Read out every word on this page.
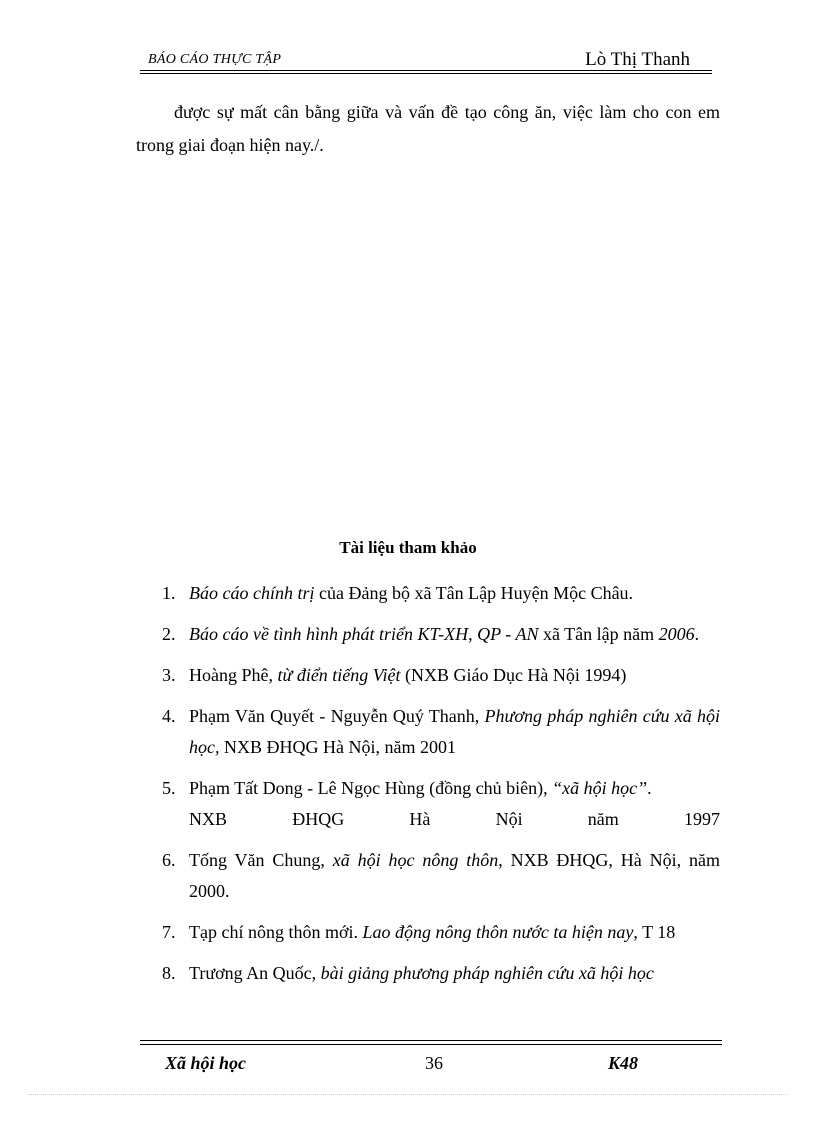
BÁO CÁO THỰC TẬP	Lò Thị Thanh
được sự mất cân bằng giữa và vấn đề tạo công ăn, việc làm cho con em trong giai đoạn hiện nay./.
Tài liệu tham khảo
1. Báo cáo chính trị của Đảng bộ xã Tân Lập Huyện Mộc Châu.
2. Báo cáo về tình hình phát triển KT-XH, QP - AN xã Tân lập năm 2006.
3. Hoàng Phê, từ điển tiếng Việt (NXB Giáo Dục Hà Nội 1994)
4. Phạm Văn Quyết - Nguyễn Quý Thanh, Phương pháp nghiên cứu xã hội học, NXB ĐHQG Hà Nội, năm 2001
5. Phạm Tất Dong - Lê Ngọc Hùng (đồng chủ biên), “xã hội học”.
NXB	ĐHQG	Hà	Nội	năm	1997
6. Tống Văn Chung, xã hội học nông thôn, NXB ĐHQG, Hà Nội, năm 2000.
7. Tạp chí nông thôn mới. Lao động nông thôn nước ta hiện nay, T 18
8. Trương An Quốc, bài giảng phương pháp nghiên cứu xã hội học
Xã hội học	36	K48
